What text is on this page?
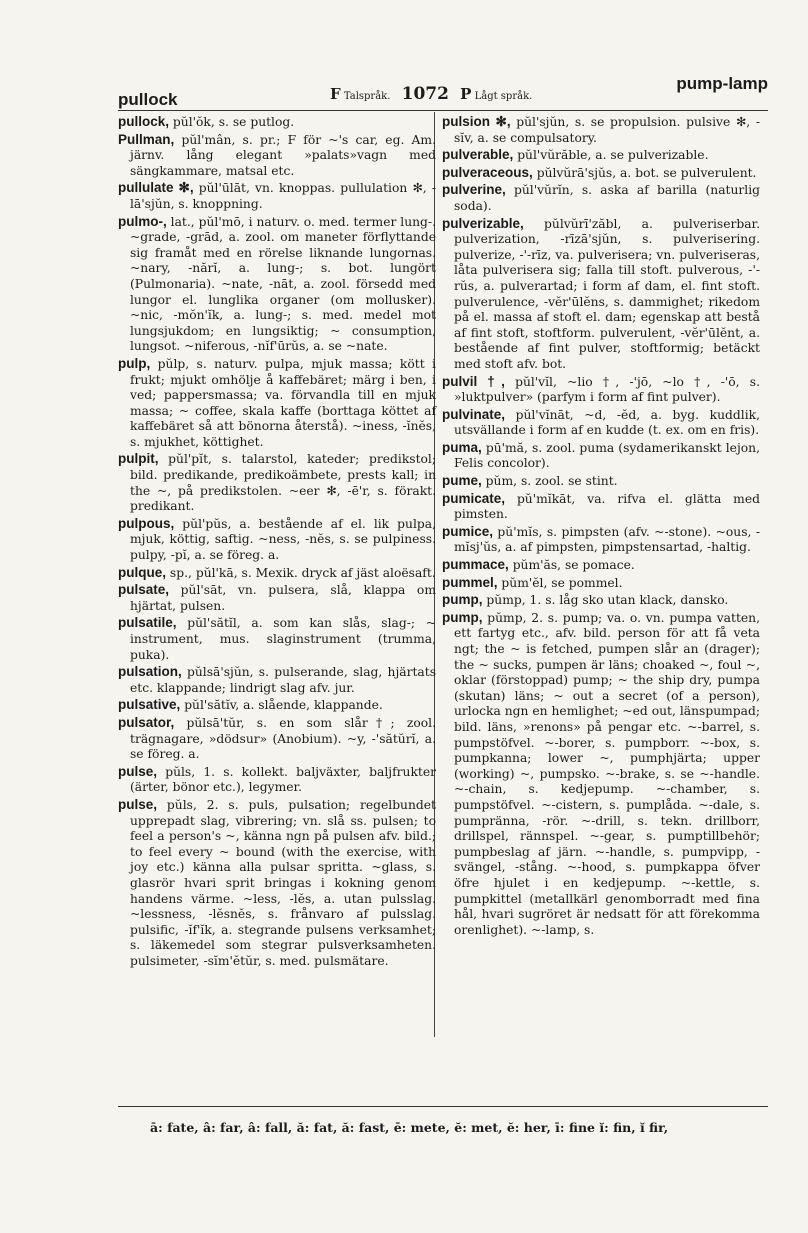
pullock	F Talspråk. 1072 P Lågt språk.
pump-lamp

pullock, pŭl'ŏk, s. se putlog.

Pullman, pŭl'mân, s. pr.; F för ~'s car, eg. Am. järnv. lång elegant »palats»vagn med sängkammare, matsal etc.

pullulate ✻, pŭl'ūlāt, vn. knoppas. pullulation ✻, -lā'sjŭn, s. knoppning.

pulmo-, lat., pŭl'mō, i naturv. o. med. termer lung-. ~grade, -grād, a. zool. om maneter förflyttande sig framåt med en rörelse liknande lungornas. ~nary, -nărĭ, a. lung-; s. bot. lungört (Pulmonaria). ~nate, -nāt, a. zool. försedd med lungor el. lunglika organer (om mollusker). ~nic, -mŏn'ĭk, a. lung-; s. med. medel mot lungsjukdom; en lungsiktig; ~ consumption, lungsot. ~niferous, -nĭf'ūrŭs, a. se ~nate.

pulp, pŭlp, s. naturv. pulpa, mjuk massa; kött i frukt; mjukt omhölje å kaffebäret; märg i ben, i ved; pappersmassa; va. förvandla till en mjuk massa; ~ coffee, skala kaffe (borttaga köttet af kaffebäret så att bönorna återstå). ~iness, -ĭnĕs, s. mjukhet, köttighet.

pulpit, pŭl'pĭt, s. talarstol, kateder; predikstol; bild. predikande, predikoämbete, prests kall; in the ~, på predikstolen. ~eer ✻, -ē'r, s. förakt. predikant.

pulpous, pŭl'pŭs, a. bestående af el. lik pulpa, mjuk, köttig, saftig. ~ness, -nĕs, s. se pulpiness. pulpy, -pĭ, a. se föreg. a.

pulque, sp., pŭl'kā, s. Mexik. dryck af jäst aloësaft.

pulsate, pŭl'sāt, vn. pulsera, slå, klappa om hjärtat, pulsen.

pulsatile, pŭl'sătĭl, a. som kan slås, slag-; ~ instrument, mus. slaginstrument (trumma, puka).

pulsation, pŭlsā'sjŭn, s. pulserande, slag, hjärtats etc. klappande; lindrigt slag afv. jur.

pulsative, pŭl'sătĭv, a. slående, klappande.

pulsator, pŭlsā'tŭr, s. en som slår†; zool. trägnagare, »dödsur» (Anobium). ~y, -'sătŭrĭ, a. se föreg. a.

pulse, pŭls, 1. s. kollekt. baljväxter, baljfrukter (ärter, bönor etc.), legymer.

pulse, pŭls, 2. s. puls, pulsation; regelbundet upprepadt slag, vibrering; vn. slå ss. pulsen; to feel a person's ~, känna ngn på pulsen afv. bild.; to feel every ~ bound (with the exercise, with joy etc.) känna alla pulsar spritta. ~glass, s. glasrör hvari sprit bringas i kokning genom handens värme. ~less, -lĕs, a. utan pulsslag. ~lessness, -lĕsnĕs, s. frånvaro af pulsslag. pulsific, -ĭf'ĭk, a. stegrande pulsens verksamhet; s. läkemedel som stegrar pulsverksamheten. pulsimeter, -sĭm'ĕtŭr, s. med. pulsmätare.

pulsion ✻, pŭl'sjŭn, s. se propulsion. pulsive ✻, -sĭv, a. se compulsatory.

pulverable, pŭl'vŭrăble, a. se pulverizable.

pulveraceous, pŭlvŭrā'sjŭs, a. bot. se pulverulent.

pulverine, pŭl'vŭrĭn, s. aska af barilla (naturlig soda).

pulverizable, pŭlvŭrī'zăbl, a. pulveriserbar. pulverization, -rīzā'sjŭn, s. pulverisering. pulverize, -'-rīz, va. pulverisera; vn. pulveriseras, låta pulverisera sig; falla till stoft. pulverous, -'-rŭs, a. pulverartad; i form af dam, el. fint stoft. pulverulence, -vĕr'ūlĕns, s. dammighet; rikedom på el. massa af stoft el. dam; egenskap att bestå af fint stoft, stoftform. pulverulent, -vĕr'ūlĕnt, a. bestående af fint pulver, stoftformig; betäckt med stoft afv. bot.

pulvil †, pŭl'vĭl, ~lio †, -'jō, ~lo †, -'ō, s. »luktpulver» (parfym i form af fint pulver).

pulvinate, pŭl'vĭnāt, ~d, -ĕd, a. byg. kuddlik, utsvällande i form af en kudde (t. ex. om en fris).

puma, pū'mă, s. zool. puma (sydamerikanskt lejon, Felis concolor).

pume, pŭm, s. zool. se stint.

pumicate, pŭ'mĭkāt, va. rifva el. glätta med pimsten.

pumice, pŭ'mĭs, s. pimpsten (afv. ~-stone). ~ous, -mĭsj'ŭs, a. af pimpsten, pimpstensartad, -haltig.

pummace, pŭm'ăs, se pomace.

pummel, pŭm'ĕl, se pommel.

pump, pŭmp, 1. s. låg sko utan klack, dansko.

pump, pŭmp, 2. s. pump; va. o. vn. pumpa vatten, ett fartyg etc., afv. bild. person för att få veta ngt; the ~ is fetched, pumpen slår an (drager); the ~ sucks, pumpen är läns; choaked ~, foul ~, oklar (förstoppad) pump; ~ the ship dry, pumpa (skutan) läns; ~ out a secret (of a person), urlocka ngn en hemlighet; ~ed out, länspumpad; bild. läns, »renons» på pengar etc. ~-barrel, s. pumpstöfvel. ~-borer, s. pumpborr. ~-box, s. pumpkanna; lower ~, pumphjärta; upper (working) ~, pumpsko. ~-brake, s. se ~-handle. ~-chain, s. kedjepump. ~-chamber, s. pumpstöfvel. ~-cistern, s. pumplåda. ~-dale, s. pumpränna, -rör. ~-drill, s. tekn. drillborr, drillspel, rännspel. ~-gear, s. pumptillbehör; pumpbeslag af järn. ~-handle, s. pumpvipp, -svängel, -stång. ~-hood, s. pumpkappa öfver öfre hjulet i en kedjepump. ~-kettle, s. pumpkittel (metallkärl genomborradt med fina hål, hvari sugröret är nedsatt för att förekomma orenlighet). ~-lamp, s.

ā: fate, â: far, â: fall, ă: fat, ă: fast, ē: mete, ĕ: met, ĕ: her, ī: fine ĭ: fin, ĭ fir,
